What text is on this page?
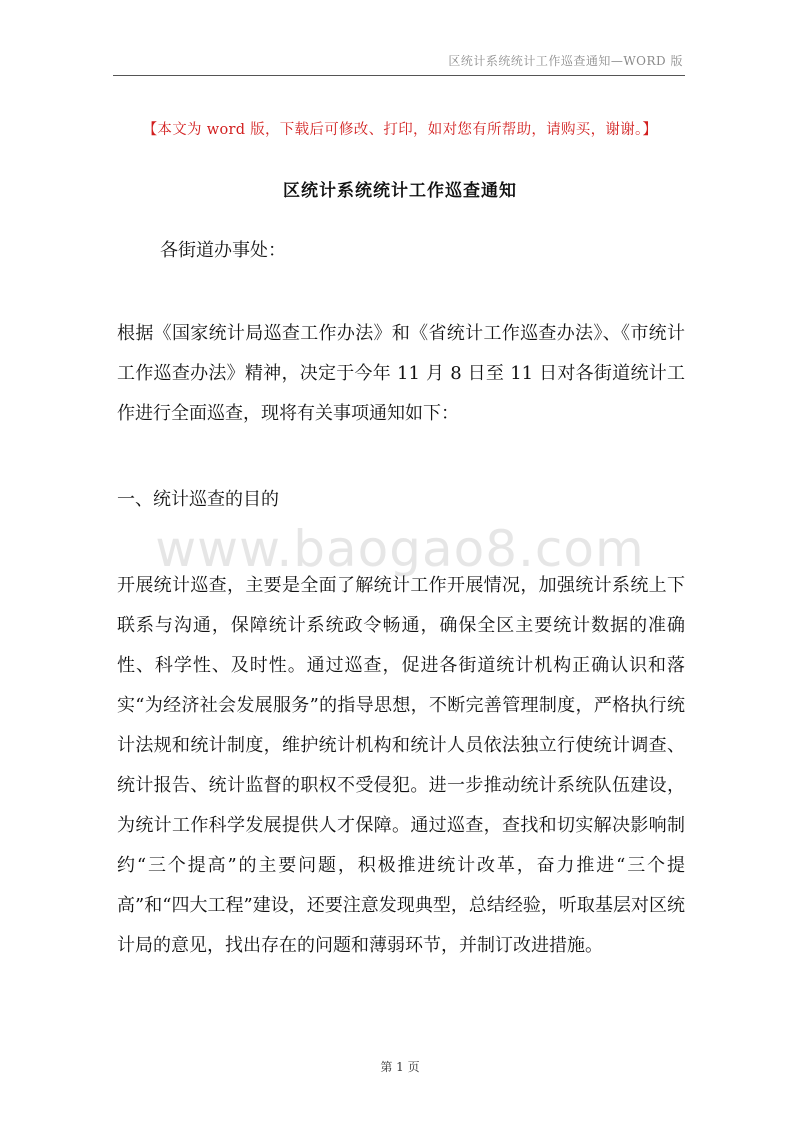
区统计系统统计工作巡查通知—WORD 版
【本文为 word 版，下载后可修改、打印，如对您有所帮助，请购买，谢谢。】
区统计系统统计工作巡查通知
各街道办事处：

根据《国家统计局巡查工作办法》和《省统计工作巡查办法》、《市统计工作巡查办法》精神，决定于今年 11 月 8 日至 11 日对各街道统计工作进行全面巡查，现将有关事项通知如下：

一、统计巡查的目的
www.baogao8.com

开展统计巡查，主要是全面了解统计工作开展情况，加强统计系统上下联系与沟通，保障统计系统政令畅通，确保全区主要统计数据的准确性、科学性、及时性。通过巡查，促进各街道统计机构正确认识和落实“为经济社会发展服务”的指导思想，不断完善管理制度，严格执行统计法规和统计制度，维护统计机构和统计人员依法独立行使统计调查、统计报告、统计监督的职权不受侵犯。进一步推动统计系统队伍建设，为统计工作科学发展提供人才保障。通过巡查，查找和切实解决影响制约“三个提高”的主要问题，积极推进统计改革，奋力推进“三个提高”和“四大工程”建设，还要注意发现典型，总结经验，听取基层对区统计局的意见，找出存在的问题和薄弱环节，并制订改进措施。

第 1 页
